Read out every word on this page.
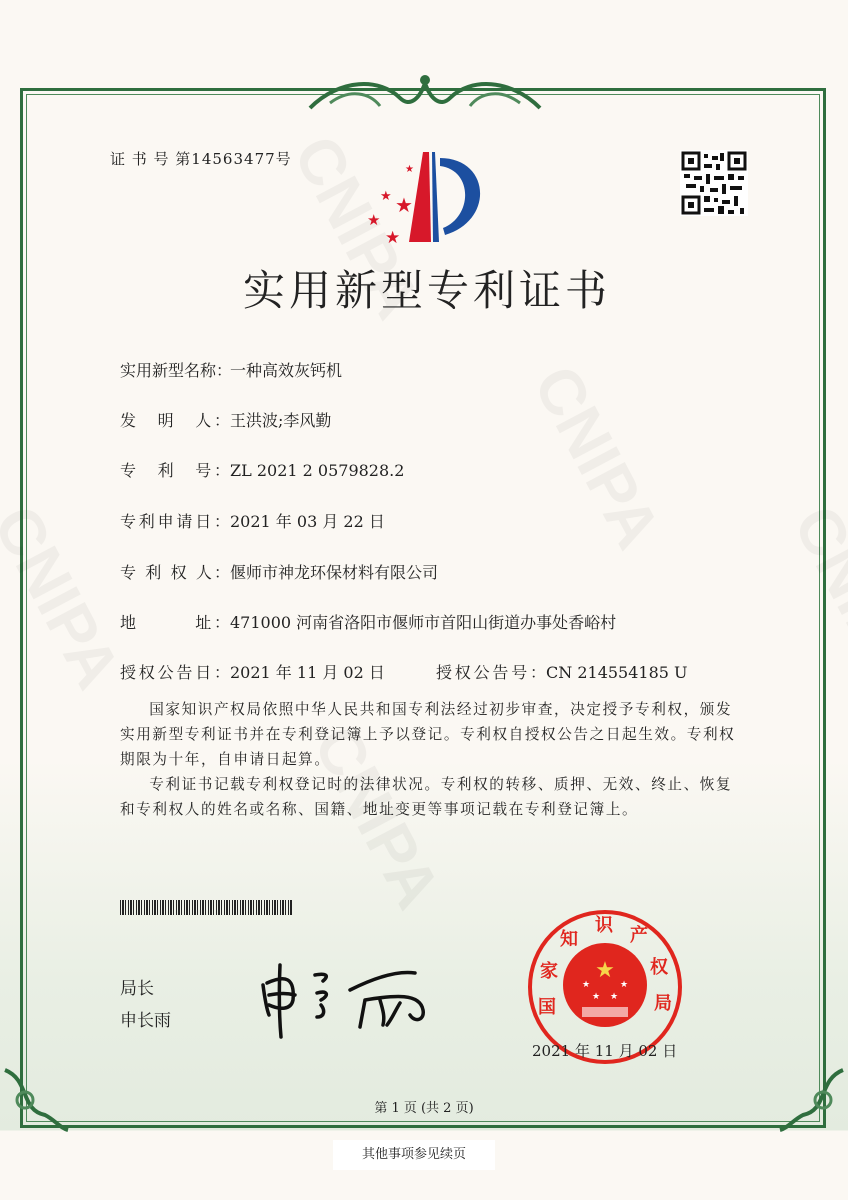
证 书 号 第14563477号
★
★ ★
★
★
实用新型专利证书
实用新型名称：一种高效灰钙机
发　明　人：王洪波;李风勤
专　利　号：ZL 2021 2 0579828.2
专利申请日：2021 年 03 月 22 日
专 利 权 人：偃师市神龙环保材料有限公司
地　　　址：471000 河南省洛阳市偃师市首阳山街道办事处香峪村
授权公告日：2021 年 11 月 02 日	授权公告号：CN 214554185 U

国家知识产权局依照中华人民共和国专利法经过初步审查，决定授予专利权，颁发实用新型专利证书并在专利登记簿上予以登记。专利权自授权公告之日起生效。专利权期限为十年，自申请日起算。

专利证书记载专利权登记时的法律状况。专利权的转移、质押、无效、终止、恢复和专利权人的姓名或名称、国籍、地址变更等事项记载在专利登记簿上。

局长
申长雨
★
★	★
★ ★
国家知识 产权局
2021 年 11 月 02 日
第 1 页 (共 2 页)
其他事项参见续页
